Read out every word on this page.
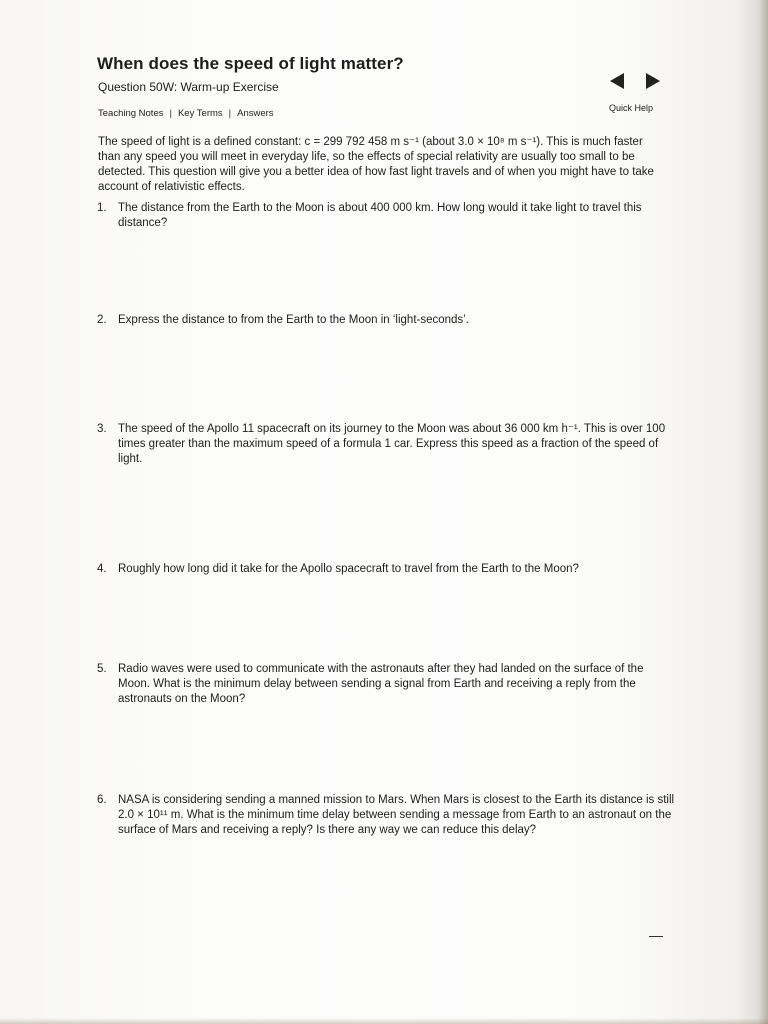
When does the speed of light matter?
Question 50W: Warm-up Exercise
Quick Help
Teaching Notes | Key Terms | Answers

The speed of light is a defined constant: c = 299 792 458 m s⁻¹ (about 3.0 × 10⁸ m s⁻¹). This is much faster than any speed you will meet in everyday life, so the effects of special relativity are usually too small to be detected. This question will give you a better idea of how fast light travels and of when you might have to take account of relativistic effects.

1. The distance from the Earth to the Moon is about 400 000 km. How long would it take light to travel this distance?
2. Express the distance to from the Earth to the Moon in ‘light-seconds’.
3. The speed of the Apollo 11 spacecraft on its journey to the Moon was about 36 000 km h⁻¹. This is over 100 times greater than the maximum speed of a formula 1 car. Express this speed as a fraction of the speed of light.
4. Roughly how long did it take for the Apollo spacecraft to travel from the Earth to the Moon?
5. Radio waves were used to communicate with the astronauts after they had landed on the surface of the Moon. What is the minimum delay between sending a signal from Earth and receiving a reply from the astronauts on the Moon?
6. NASA is considering sending a manned mission to Mars. When Mars is closest to the Earth its distance is still 2.0 × 10¹¹ m. What is the minimum time delay between sending a message from Earth to an astronaut on the surface of Mars and receiving a reply? Is there any way we can reduce this delay?
